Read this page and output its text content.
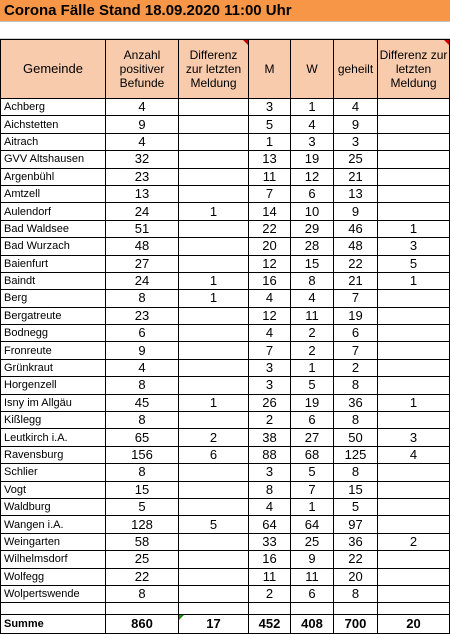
Corona Fälle Stand 18.09.2020 11:00 Uhr
Gemeinde	Anzahl positiver Befunde	Differenz zur letzten Meldung	M	W	geheilt	Differenz zur letzten Meldung

Achberg	4		3	1	4	
Aichstetten	9		5	4	9	
Aitrach	4		1	3	3	
GVV Altshausen	32		13	19	25	
Argenbühl	23		11	12	21	
Amtzell	13		7	6	13	
Aulendorf	24	1	14	10	9	
Bad Waldsee	51		22	29	46	1
Bad Wurzach	48		20	28	48	3
Baienfurt	27		12	15	22	5
Baindt	24	1	16	8	21	1
Berg	8	1	4	4	7	
Bergatreute	23		12	11	19	
Bodnegg	6		4	2	6	
Fronreute	9		7	2	7	
Grünkraut	4		3	1	2	
Horgenzell	8		3	5	8	
Isny im Allgäu	45	1	26	19	36	1
Kißlegg	8		2	6	8	
Leutkirch i.A.	65	2	38	27	50	3
Ravensburg	156	6	88	68	125	4
Schlier	8		3	5	8	
Vogt	15		8	7	15	
Waldburg	5		4	1	5	
Wangen i.A.	128	5	64	64	97	
Weingarten	58		33	25	36	2
Wilhelmsdorf	25		16	9	22	
Wolfegg	22		11	11	20	
Wolpertswende	8		2	6	8	

Summe	860	17	452	408	700	20
